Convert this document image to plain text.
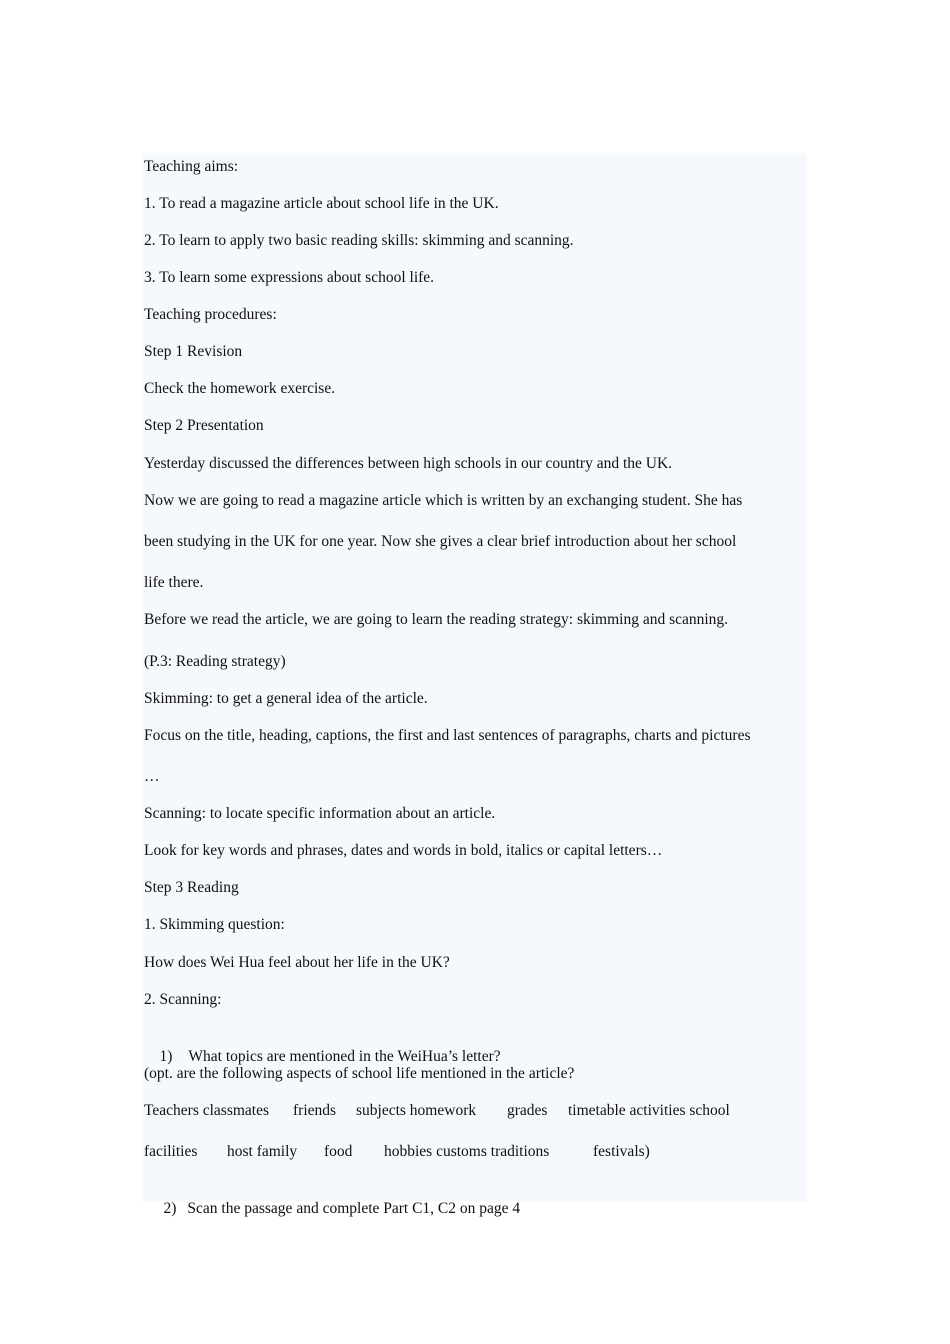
Teaching aims:
1. To read a magazine article about school life in the UK.
2. To learn to apply two basic reading skills: skimming and scanning.
3. To learn some expressions about school life.
Teaching procedures:
Step 1 Revision
Check the homework exercise.
Step 2 Presentation
Yesterday discussed the differences between high schools in our country and the UK.
Now we are going to read a magazine article which is written by an exchanging student. She has
been studying in the UK for one year. Now she gives a clear brief introduction about her school
life there.
Before we read the article, we are going to learn the reading strategy: skimming and scanning.
(P.3: Reading strategy)
Skimming: to get a general idea of the article.
Focus on the title, heading, captions, the first and last sentences of paragraphs, charts and pictures
…
Scanning: to locate specific information about an article.
Look for key words and phrases, dates and words in bold, italics or capital letters…
Step 3 Reading
1. Skimming question:
How does Wei Hua feel about her life in the UK?
2. Scanning:

1) What topics are mentioned in the WeiHua’s letter?

(opt. are the following aspects of school life mentioned in the article?

Teachers classmates

friends

subjects homework

grades

timetable activities school

facilities

host family

food

hobbies customs traditions

	festivals)

2) Scan the passage and complete Part C1, C2 on page 4
